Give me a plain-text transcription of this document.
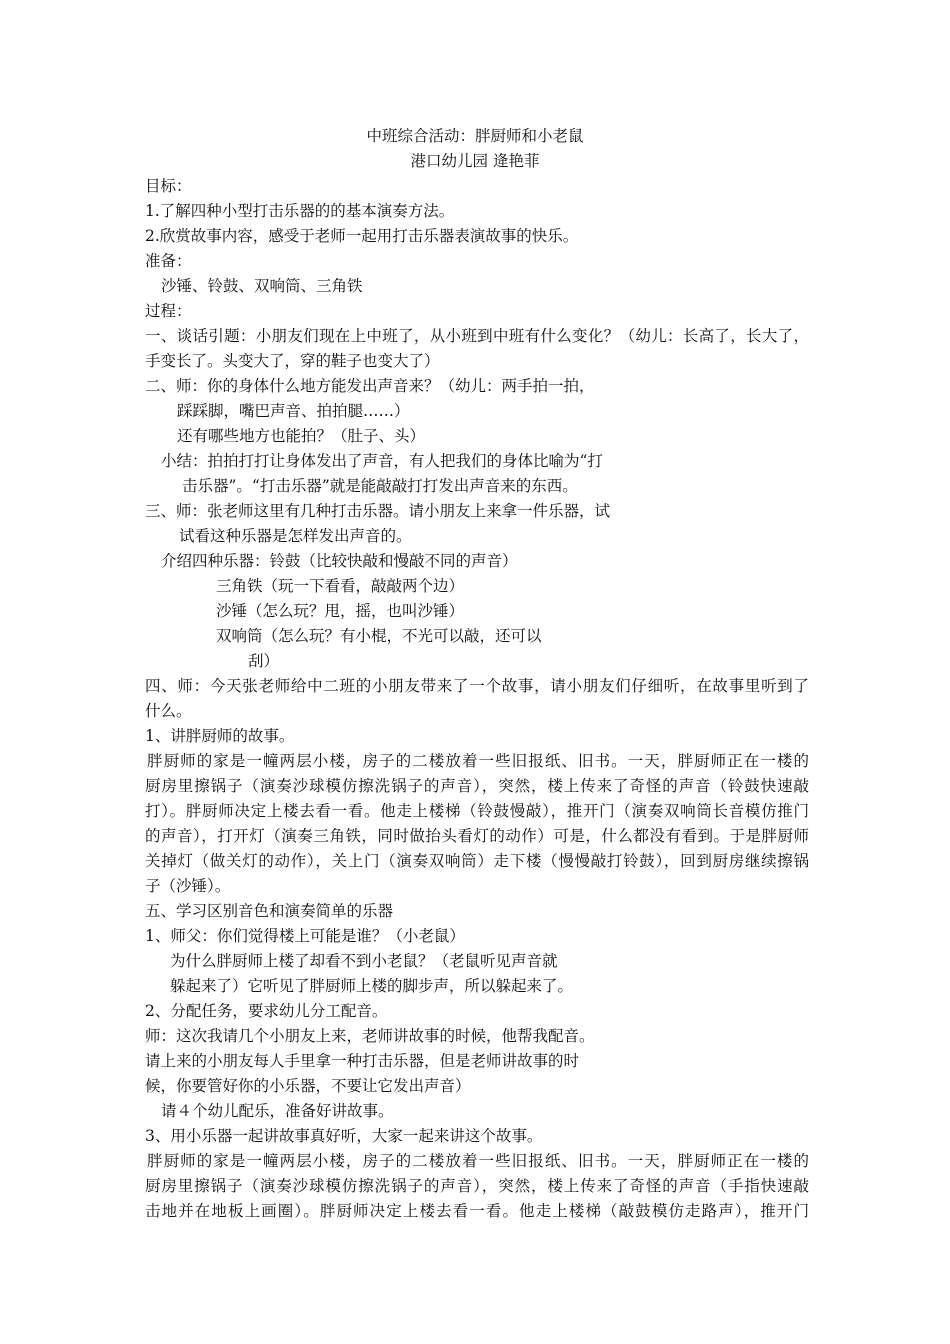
中班综合活动：胖厨师和小老鼠
港口幼儿园 逄艳菲
目标：
1.了解四种小型打击乐器的的基本演奏方法。
2.欣赏故事内容，感受于老师一起用打击乐器表演故事的快乐。
准备：
沙锤、铃鼓、双响筒、三角铁
过程：
一、谈话引题：小朋友们现在上中班了，从小班到中班有什么变化？（幼儿：长高了，长大了，
手变长了。头变大了，穿的鞋子也变大了）
二、师：你的身体什么地方能发出声音来？（幼儿：两手拍一拍，
踩踩脚，嘴巴声音、拍拍腿……）
还有哪些地方也能拍？（肚子、头）
小结：拍拍打打让身体发出了声音，有人把我们的身体比喻为“打
击乐器”。“打击乐器”就是能敲敲打打发出声音来的东西。
三、师：张老师这里有几种打击乐器。请小朋友上来拿一件乐器，试
试看这种乐器是怎样发出声音的。
介绍四种乐器：铃鼓（比较快敲和慢敲不同的声音）
三角铁（玩一下看看，敲敲两个边）
沙锤（怎么玩？甩，摇，也叫沙锤）
双响筒（怎么玩？有小棍，不光可以敲，还可以
刮）
四、师：今天张老师给中二班的小朋友带来了一个故事，请小朋友们仔细听，在故事里听到了
什么。
1、讲胖厨师的故事。
胖厨师的家是一幢两层小楼，房子的二楼放着一些旧报纸、旧书。一天，胖厨师正在一楼的
厨房里擦锅子（演奏沙球模仿擦洗锅子的声音），突然，楼上传来了奇怪的声音（铃鼓快速敲
打）。胖厨师决定上楼去看一看。他走上楼梯（铃鼓慢敲），推开门（演奏双响筒长音模仿推门
的声音），打开灯（演奏三角铁，同时做抬头看灯的动作）可是，什么都没有看到。于是胖厨师
关掉灯（做关灯的动作），关上门（演奏双响筒）走下楼（慢慢敲打铃鼓），回到厨房继续擦锅
子（沙锤）。
五、学习区别音色和演奏简单的乐器
1、师父：你们觉得楼上可能是谁？（小老鼠）
为什么胖厨师上楼了却看不到小老鼠？（老鼠听见声音就
躲起来了）它听见了胖厨师上楼的脚步声，所以躲起来了。
2、分配任务，要求幼儿分工配音。
师：这次我请几个小朋友上来，老师讲故事的时候，他帮我配音。
请上来的小朋友每人手里拿一种打击乐器，但是老师讲故事的时
候，你要管好你的小乐器，不要让它发出声音）
请４个幼儿配乐，准备好讲故事。
3、用小乐器一起讲故事真好听，大家一起来讲这个故事。
胖厨师的家是一幢两层小楼，房子的二楼放着一些旧报纸、旧书。一天，胖厨师正在一楼的
厨房里擦锅子（演奏沙球模仿擦洗锅子的声音），突然，楼上传来了奇怪的声音（手指快速敲
击地并在地板上画圈）。胖厨师决定上楼去看一看。他走上楼梯（敲鼓模仿走路声），推开门
